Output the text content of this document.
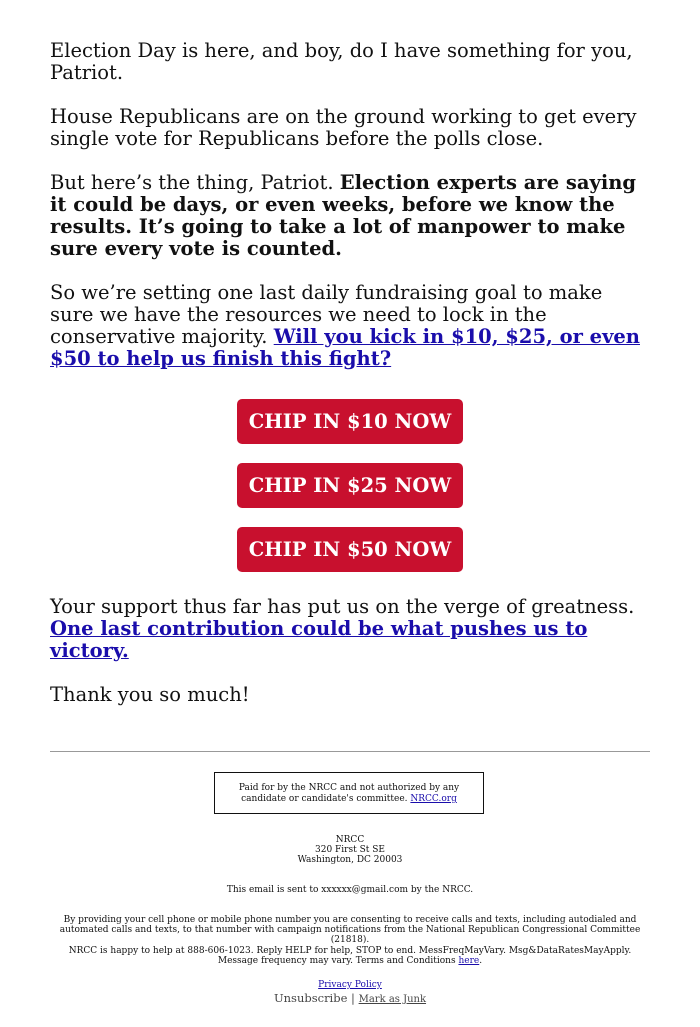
Election Day is here, and boy, do I have something for you, Patriot.

House Republicans are on the ground working to get every single vote for Republicans before the polls close.

But here’s the thing, Patriot. Election experts are saying it could be days, or even weeks, before we know the results. It’s going to take a lot of manpower to make sure every vote is counted.

So we’re setting one last daily fundraising goal to make sure we have the resources we need to lock in the conservative majority. Will you kick in $10, $25, or even $50 to help us finish this fight?

CHIP IN $10 NOW
CHIP IN $25 NOW
CHIP IN $50 NOW

Your support thus far has put us on the verge of greatness. One last contribution could be what pushes us to victory.

Thank you so much!

Paid for by the NRCC and not authorized by any candidate or candidate's committee. NRCC.org
NRCC
320 First St SE
Washington, DC 20003
This email is sent to xxxxxx@gmail.com by the NRCC.
By providing your cell phone or mobile phone number you are consenting to receive calls and texts, including autodialed and automated calls and texts, to that number with campaign notifications from the National Republican Congressional Committee (21818).
NRCC is happy to help at 888-606-1023. Reply HELP for help, STOP to end. MessFreqMayVary. Msg&DataRatesMayApply. Message frequency may vary. Terms and Conditions here.
Privacy Policy
Unsubscribe | Mark as Junk
